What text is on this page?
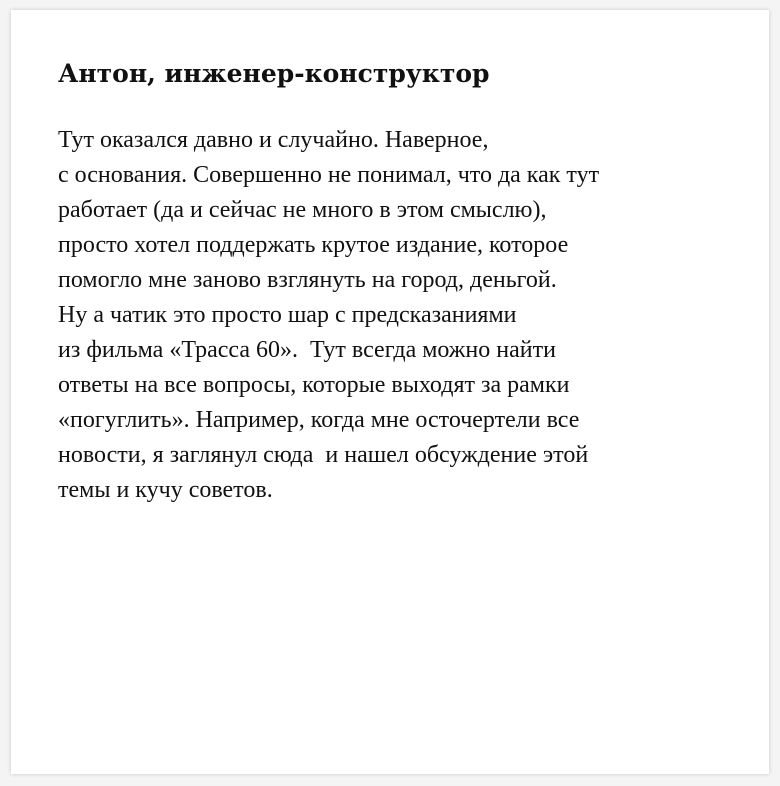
Антон, инженер-конструктор

Тут оказался давно и случайно. Наверное,
с основания. Совершенно не понимал, что да как тут
работает (да и сейчас не много в этом смыслю),
просто хотел поддержать крутое издание, которое
помогло мне заново взглянуть на город, деньгой.
Ну а чатик это просто шар с предсказаниями
из фильма «Трасса 60».  Тут всегда можно найти
ответы на все вопросы, которые выходят за рамки
«погуглить». Например, когда мне осточертели все
новости, я заглянул сюда  и нашел обсуждение этой
темы и кучу советов.
